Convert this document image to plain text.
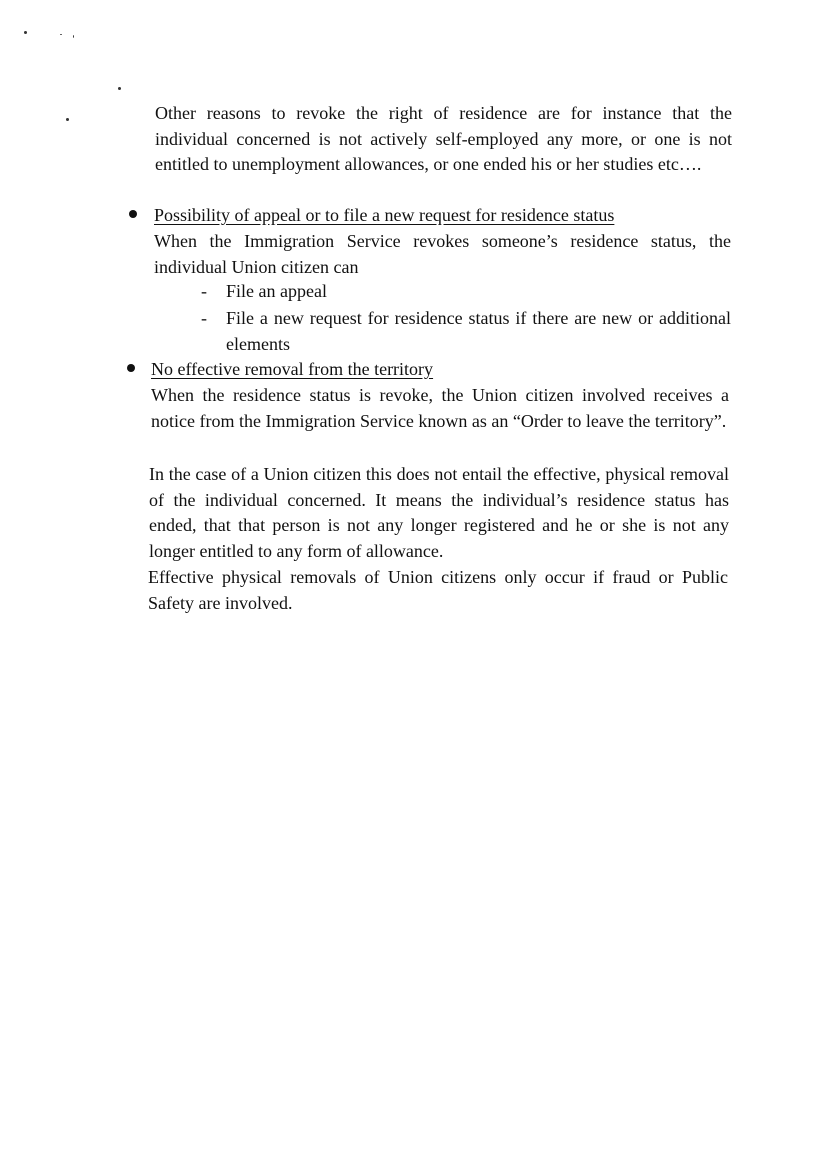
Other reasons to revoke the right of residence are for instance that the individual concerned is not actively self-employed any more, or one is not entitled to unemployment allowances, or one ended his or her studies etc….

Possibility of appeal or to file a new request for residence status

When the Immigration Service revokes someone’s residence status, the individual Union citizen can

- File an appeal

- File a new request for residence status if there are new or additional elements

No effective removal from the territory

When the residence status is revoke, the Union citizen involved receives a notice from the Immigration Service known as an “Order to leave the territory”.

In the case of a Union citizen this does not entail the effective, physical removal of the individual concerned. It means the individual’s residence status has ended, that that person is not any longer registered and he or she is not any longer entitled to any form of allowance.

Effective physical removals of Union citizens only occur if fraud or Public Safety are involved.
